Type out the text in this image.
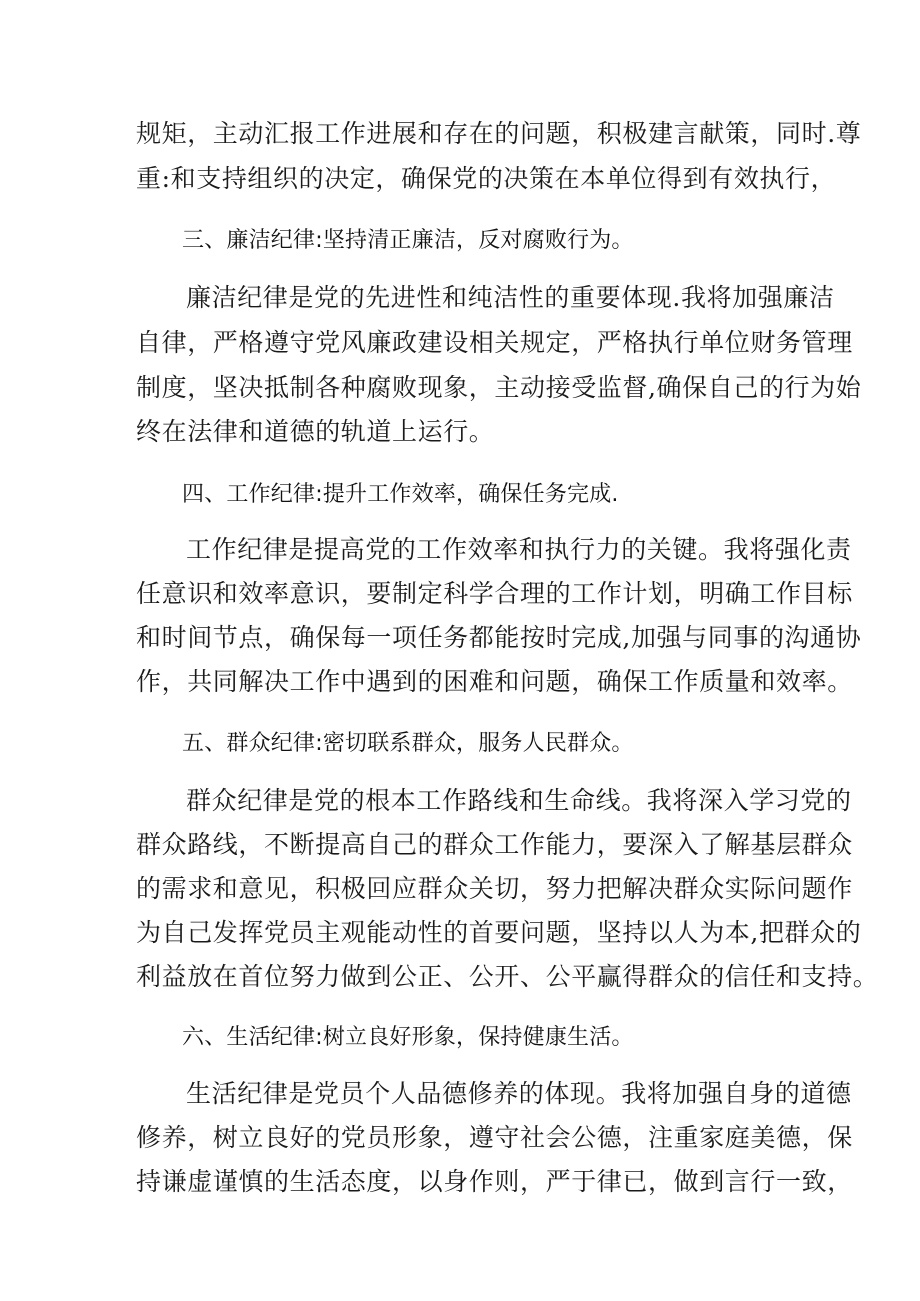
规矩，主动汇报工作进展和存在的问题，积极建言献策，同时.尊
重:和支持组织的决定，确保党的决策在本单位得到有效执行，
三、廉洁纪律:坚持清正廉洁，反对腐败行为。
廉洁纪律是党的先进性和纯洁性的重要体现.我将加强廉洁
自律，严格遵守党风廉政建设相关规定，严格执行单位财务管理
制度，坚决抵制各种腐败现象，主动接受监督,确保自己的行为始
终在法律和道德的轨道上运行。
四、工作纪律:提升工作效率，确保任务完成.
工作纪律是提高党的工作效率和执行力的关键。我将强化责
任意识和效率意识，要制定科学合理的工作计划，明确工作目标
和时间节点，确保每一项任务都能按时完成,加强与同事的沟通协
作，共同解决工作中遇到的困难和问题，确保工作质量和效率。
五、群众纪律:密切联系群众，服务人民群众。
群众纪律是党的根本工作路线和生命线。我将深入学习党的
群众路线，不断提高自己的群众工作能力，要深入了解基层群众
的需求和意见，积极回应群众关切，努力把解决群众实际问题作
为自己发挥党员主观能动性的首要问题，坚持以人为本,把群众的
利益放在首位努力做到公正、公开、公平赢得群众的信任和支持。
六、生活纪律:树立良好形象，保持健康生活。
生活纪律是党员个人品德修养的体现。我将加强自身的道德
修养，树立良好的党员形象，遵守社会公德，注重家庭美德，保
持谦虚谨慎的生活态度，以身作则，严于律已，做到言行一致，
